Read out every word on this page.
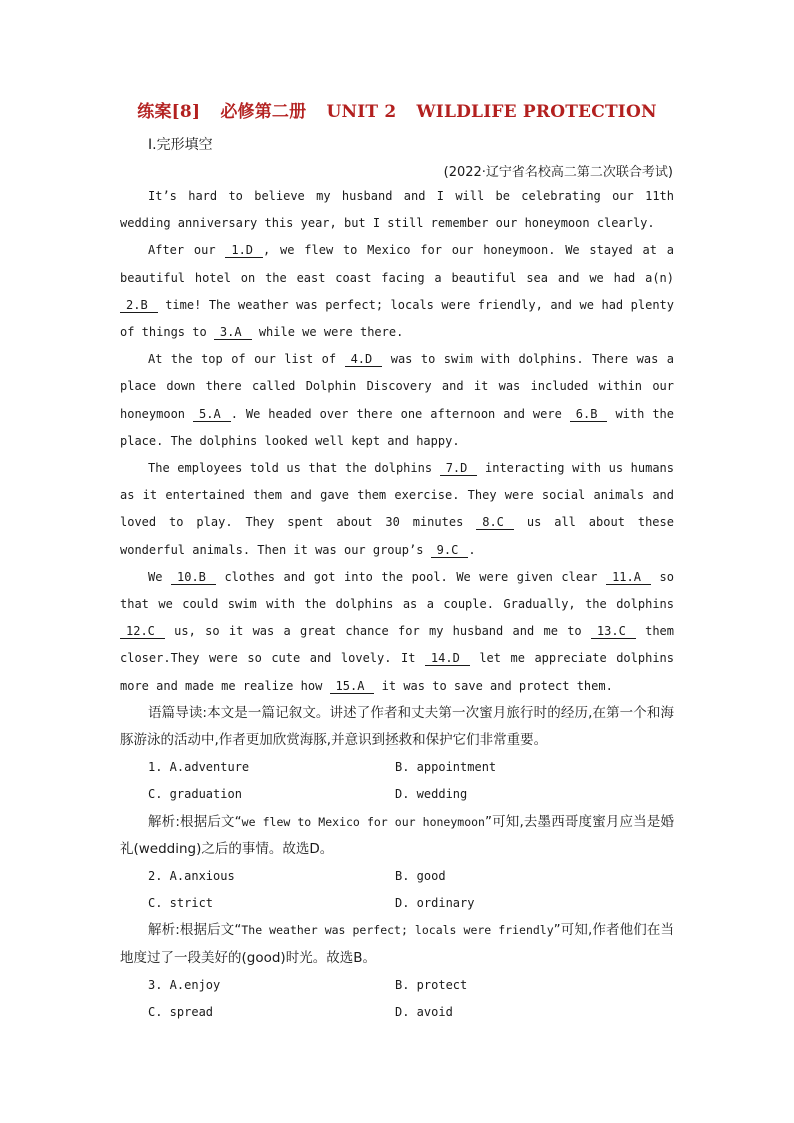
练案[8] 必修第二册 UNIT 2 WILDLIFE PROTECTION
Ⅰ.完形填空
(2022·辽宁省名校高二第二次联合考试)

It’s hard to believe my husband and I will be celebrating our 11th wedding anniversary this year, but I still remember our honeymoon clearly.

After our 1.D , we flew to Mexico for our honeymoon. We stayed at a beautiful hotel on the east coast facing a beautiful sea and we had a(n) 2.B time! The weather was perfect; locals were friendly, and we had plenty of things to 3.A while we were there.

At the top of our list of 4.D was to swim with dolphins. There was a place down there called Dolphin Discovery and it was included within our honeymoon 5.A . We headed over there one afternoon and were 6.B with the place. The dolphins looked well kept and happy.

The employees told us that the dolphins 7.D interacting with us humans as it entertained them and gave them exercise. They were social animals and loved to play. They spent about 30 minutes 8.C us all about these wonderful animals. Then it was our group’s 9.C .

We 10.B clothes and got into the pool. We were given clear 11.A so that we could swim with the dolphins as a couple. Gradually, the dolphins 12.C us, so it was a great chance for my husband and me to 13.C them closer.They were so cute and lovely. It 14.D let me appreciate dolphins more and made me realize how 15.A it was to save and protect them.

语篇导读:本文是一篇记叙文。讲述了作者和丈夫第一次蜜月旅行时的经历,在第一个和海豚游泳的活动中,作者更加欣赏海豚,并意识到拯救和保护它们非常重要。

1. A.adventure	B. appointment
C. graduation	D. wedding

解析:根据后文“we flew to Mexico for our honeymoon”可知,去墨西哥度蜜月应当是婚礼(wedding)之后的事情。故选D。

2. A.anxious	B. good
C. strict	D. ordinary

解析:根据后文“The weather was perfect; locals were friendly”可知,作者他们在当地度过了一段美好的(good)时光。故选B。

3. A.enjoy	B. protect
C. spread	D. avoid
